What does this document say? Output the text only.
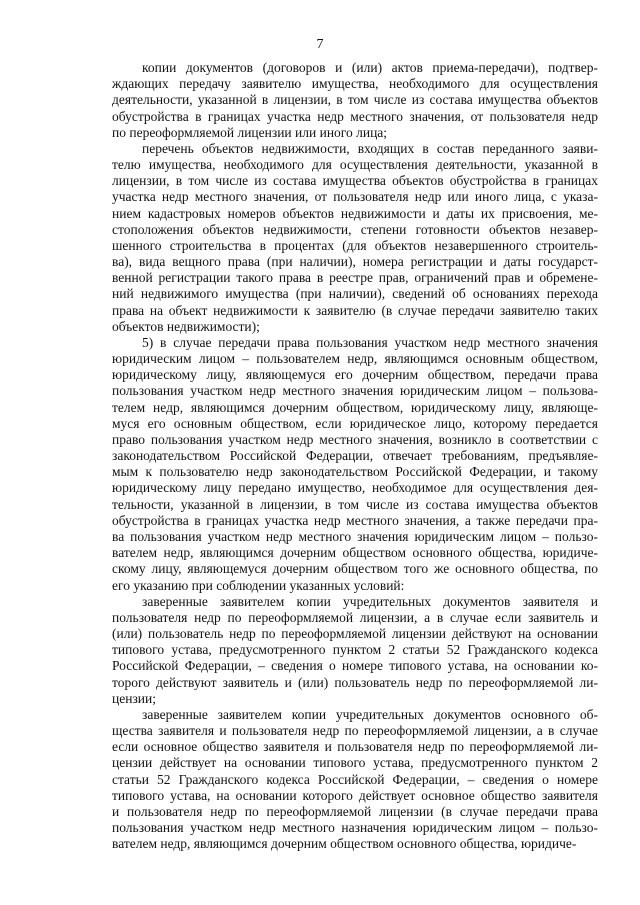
7
копии документов (договоров и (или) актов приема-передачи), подтвер-
ждающих передачу заявителю имущества, необходимого для осуществления
деятельности, указанной в лицензии, в том числе из состава имущества объектов
обустройства в границах участка недр местного значения, от пользователя недр
по переоформляемой лицензии или иного лица;
перечень объектов недвижимости, входящих в состав переданного заяви-
телю имущества, необходимого для осуществления деятельности, указанной в
лицензии, в том числе из состава имущества объектов обустройства в границах
участка недр местного значения, от пользователя недр или иного лица, с указа-
нием кадастровых номеров объектов недвижимости и даты их присвоения, ме-
стоположения объектов недвижимости, степени готовности объектов незавер-
шенного строительства в процентах (для объектов незавершенного строитель-
ва), вида вещного права (при наличии), номера регистрации и даты государст-
венной регистрации такого права в реестре прав, ограничений прав и обремене-
ний недвижимого имущества (при наличии), сведений об основаниях перехода
права на объект недвижимости к заявителю (в случае передачи заявителю таких
объектов недвижимости);
5) в случае передачи права пользования участком недр местного значения
юридическим лицом – пользователем недр, являющимся основным обществом,
юридическому лицу, являющемуся его дочерним обществом, передачи права
пользования участком недр местного значения юридическим лицом – пользова-
телем недр, являющимся дочерним обществом, юридическому лицу, являюще-
муся его основным обществом, если юридическое лицо, которому передается
право пользования участком недр местного значения, возникло в соответствии с
законодательством Российской Федерации, отвечает требованиям, предъявляе-
мым к пользователю недр законодательством Российской Федерации, и такому
юридическому лицу передано имущество, необходимое для осуществления дея-
тельности, указанной в лицензии, в том числе из состава имущества объектов
обустройства в границах участка недр местного значения, а также передачи пра-
ва пользования участком недр местного значения юридическим лицом – пользо-
вателем недр, являющимся дочерним обществом основного общества, юридиче-
скому лицу, являющемуся дочерним обществом того же основного общества, по
его указанию при соблюдении указанных условий:
заверенные заявителем копии учредительных документов заявителя и
пользователя недр по переоформляемой лицензии, а в случае если заявитель и
(или) пользователь недр по переоформляемой лицензии действуют на основании
типового устава, предусмотренного пунктом 2 статьи 52 Гражданского кодекса
Российской Федерации, – сведения о номере типового устава, на основании ко-
торого действуют заявитель и (или) пользователь недр по переоформляемой ли-
цензии;
заверенные заявителем копии учредительных документов основного об-
щества заявителя и пользователя недр по переоформляемой лицензии, а в случае
если основное общество заявителя и пользователя недр по переоформляемой ли-
цензии действует на основании типового устава, предусмотренного пунктом 2
статьи 52 Гражданского кодекса Российской Федерации, – сведения о номере
типового устава, на основании которого действует основное общество заявителя
и пользователя недр по переоформляемой лицензии (в случае передачи права
пользования участком недр местного назначения юридическим лицом – пользо-
вателем недр, являющимся дочерним обществом основного общества, юридиче-
